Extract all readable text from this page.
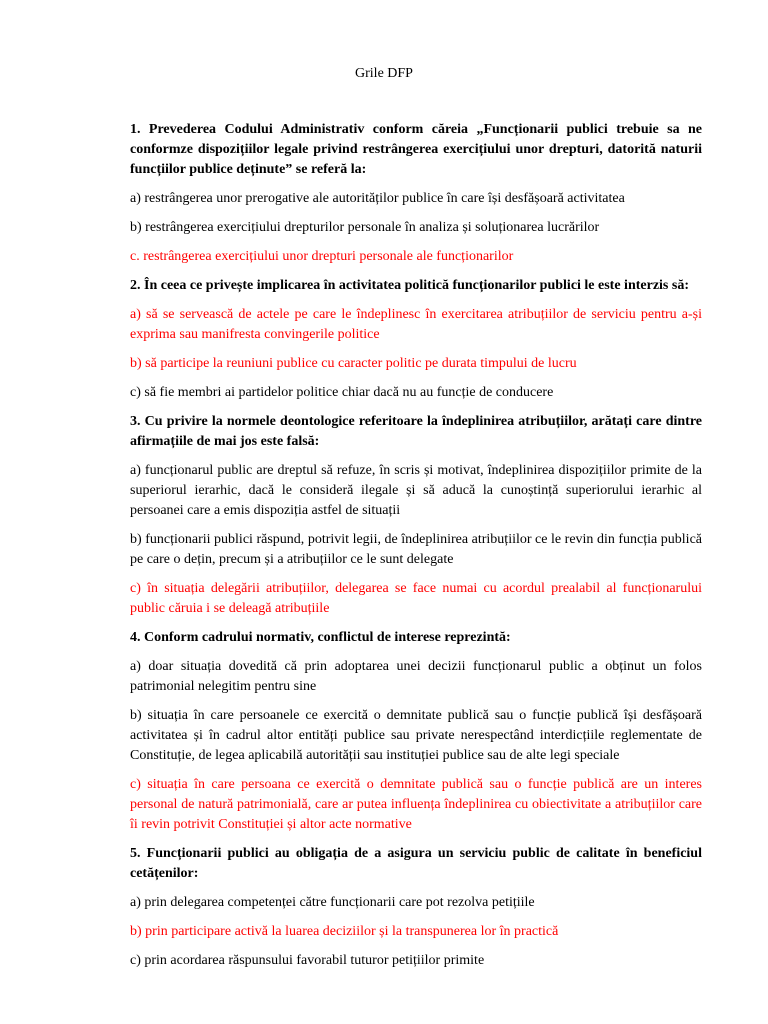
Grile DFP

1. Prevederea Codului Administrativ conform căreia „Funcționarii publici trebuie sa ne conformze dispozițiilor legale privind restrângerea exercițiului unor drepturi, datorită naturii funcțiilor publice deținute” se referă la:

a) restrângerea unor prerogative ale autorităților publice în care își desfășoară activitatea

b) restrângerea exercițiului drepturilor personale în analiza și soluționarea lucrărilor

c. restrângerea exercițiului unor drepturi personale ale funcționarilor

2. În ceea ce privește implicarea în activitatea politică funcționarilor publici le este interzis să:

a) să se servească de actele pe care le îndeplinesc în exercitarea atribuțiilor de serviciu pentru a-și exprima sau manifresta convingerile politice

b) să participe la reuniuni publice cu caracter politic pe durata timpului de lucru

c) să fie membri ai partidelor politice chiar dacă nu au funcție de conducere

3. Cu privire la normele deontologice referitoare la îndeplinirea atribuțiilor, arătați care dintre afirmațiile de mai jos este falsă:

a) funcționarul public are dreptul să refuze, în scris și motivat, îndeplinirea dispozițiilor primite de la superiorul ierarhic, dacă le consideră ilegale și să aducă la cunoștință superiorului ierarhic al persoanei care a emis dispoziția astfel de situații

b) funcționarii publici răspund, potrivit legii, de îndeplinirea atribuțiilor ce le revin din funcția publică pe care o dețin, precum și a atribuțiilor ce le sunt delegate

c) în situația delegării atribuțiilor, delegarea se face numai cu acordul prealabil al funcționarului public căruia i se deleagă atribuțiile

4. Conform cadrului normativ, conflictul de interese reprezintă:

a) doar situația dovedită că prin adoptarea unei decizii funcționarul public a obținut un folos patrimonial nelegitim pentru sine

b) situația în care persoanele ce exercită o demnitate publică sau o funcție publică își desfășoară activitatea și în cadrul altor entități publice sau private nerespectând interdicțiile reglementate de Constituție, de legea aplicabilă autorității sau instituției publice sau de alte legi speciale

c) situația în care persoana ce exercită o demnitate publică sau o funcție publică are un interes personal de natură patrimonială, care ar putea influența îndeplinirea cu obiectivitate a atribuțiilor care îi revin potrivit Constituției și altor acte normative

5. Funcționarii publici au obligația de a asigura un serviciu public de calitate în beneficiul cetățenilor:

a) prin delegarea competenței către funcționarii care pot rezolva petițiile

b) prin participare activă la luarea deciziilor și la transpunerea lor în practică

c) prin acordarea răspunsului favorabil tuturor petițiilor primite
